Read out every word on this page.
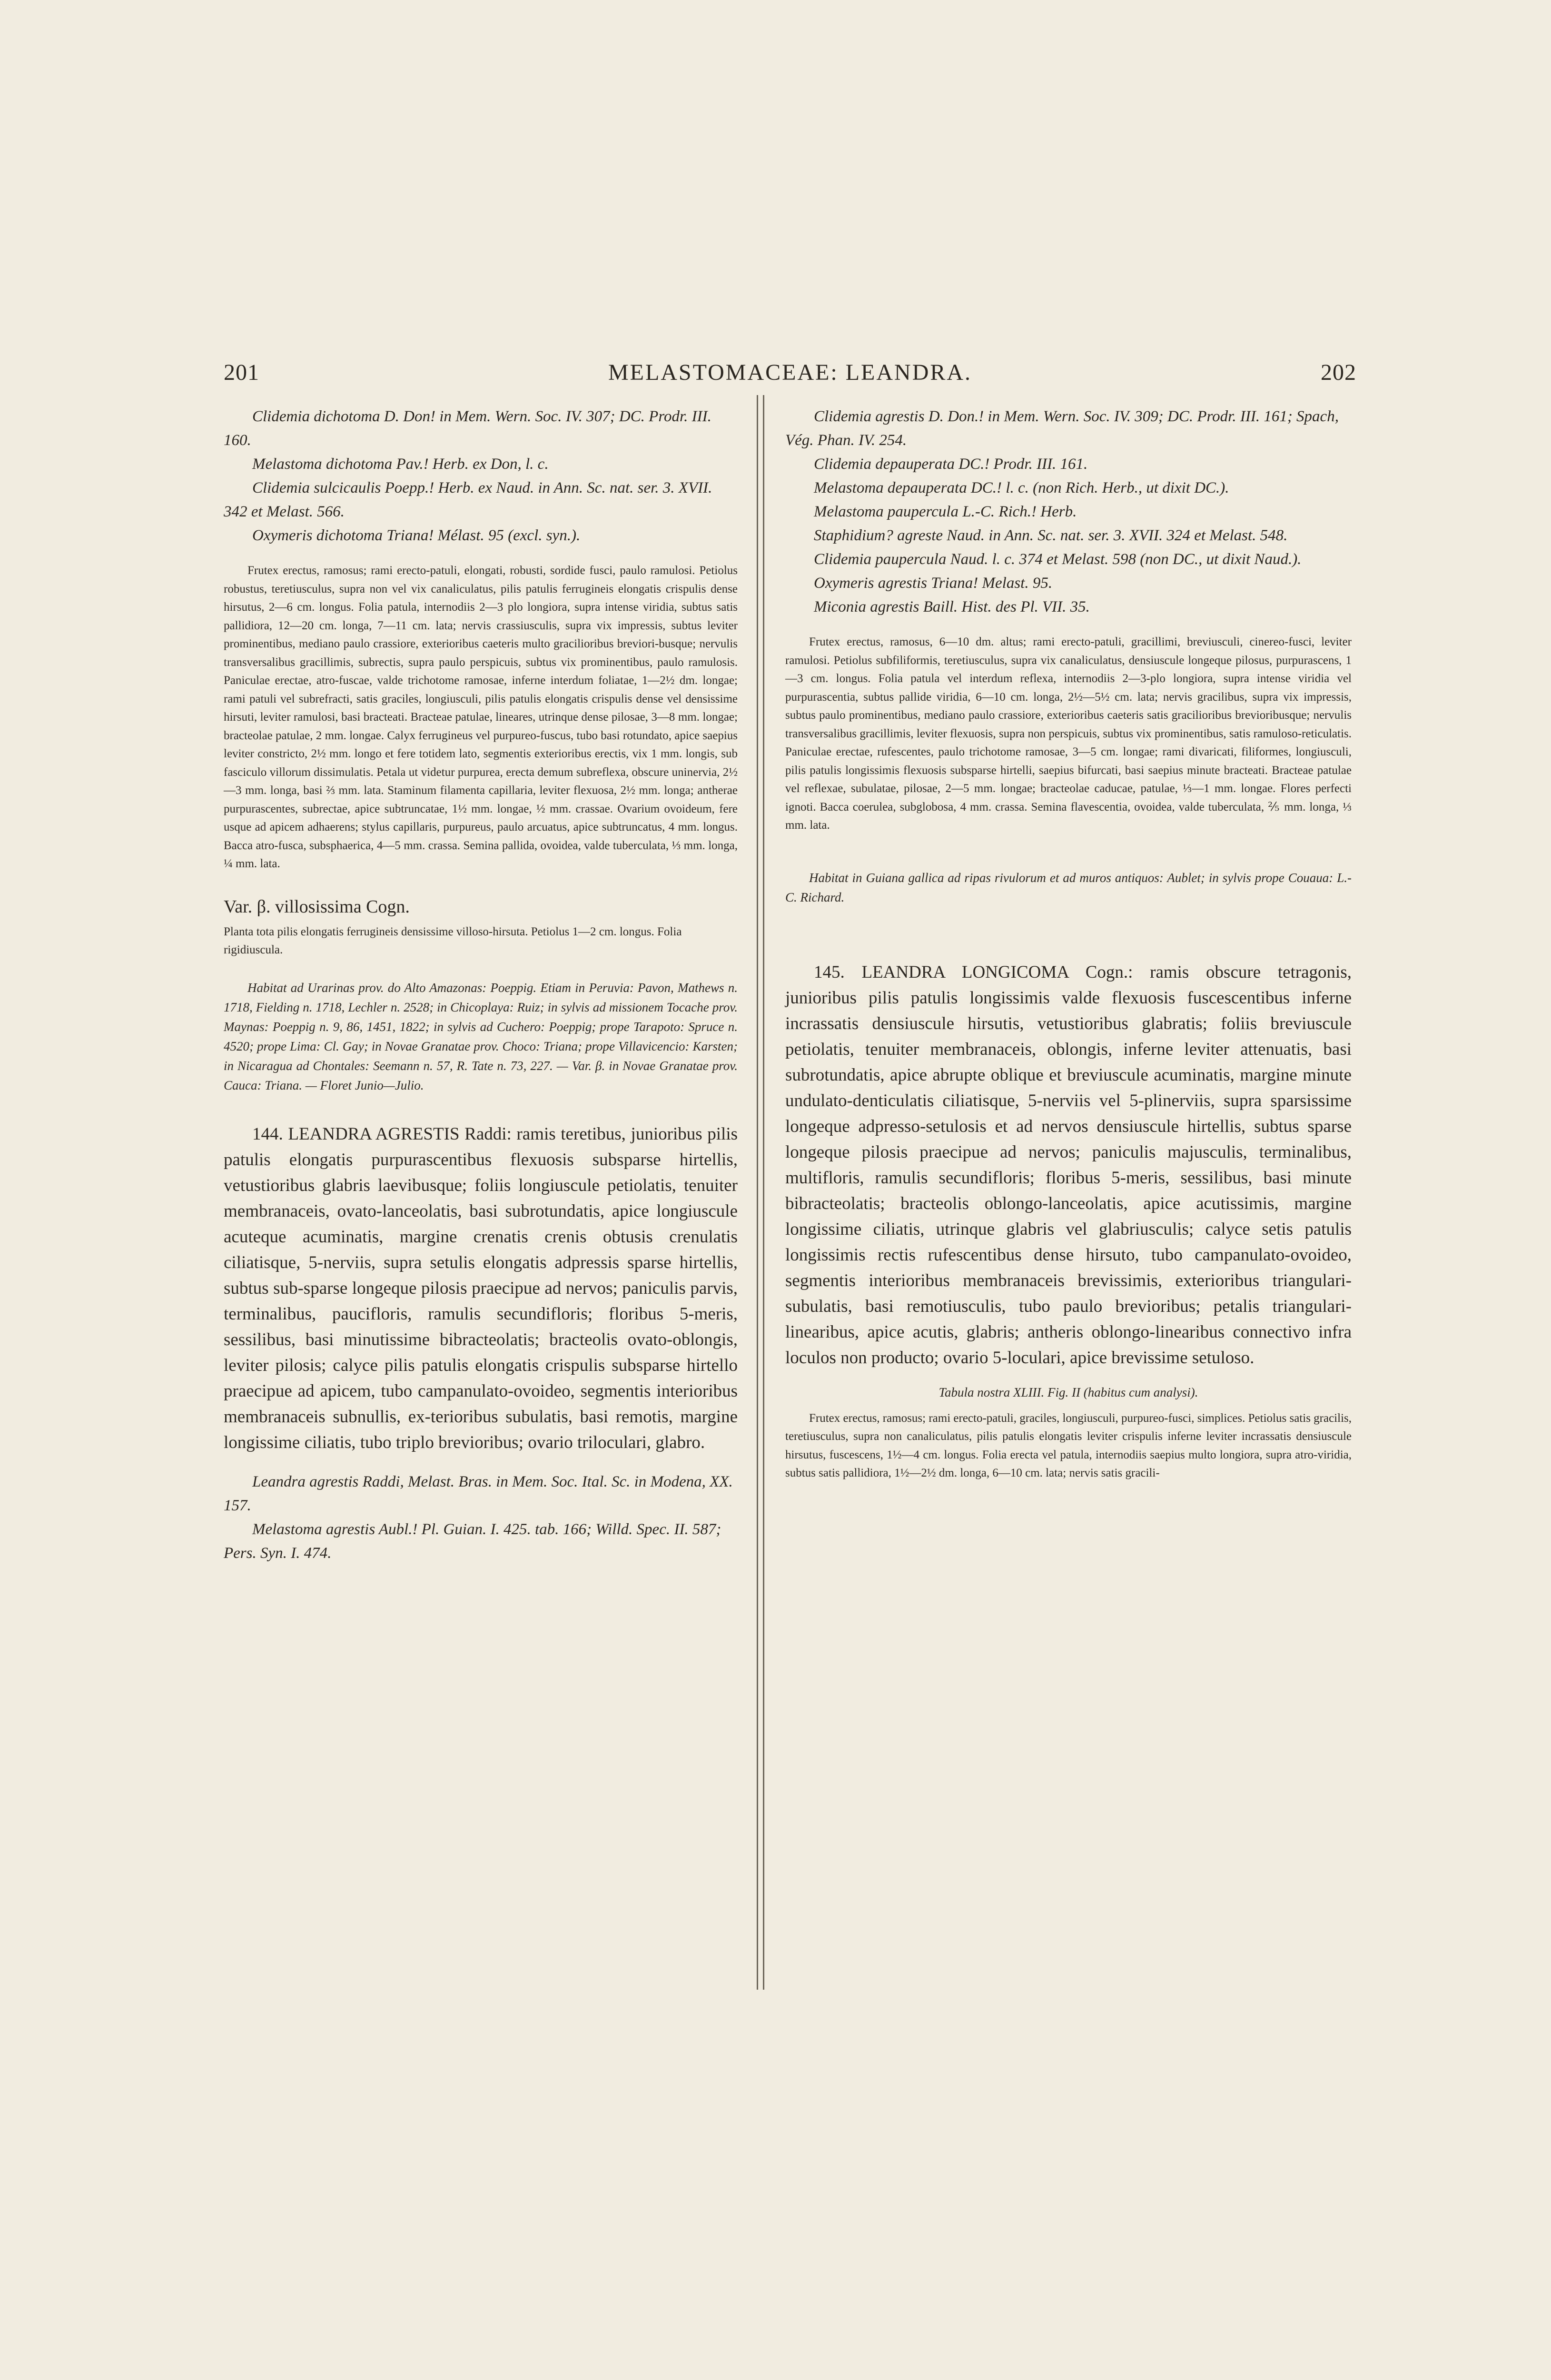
201	MELASTOMACEAE: LEANDRA.	202

Clidemia dichotoma D. Don! in Mem. Wern. Soc. IV. 307; DC. Prodr. III. 160.

Melastoma dichotoma Pav.! Herb. ex Don, l. c.

Clidemia sulcicaulis Poepp.! Herb. ex Naud. in Ann. Sc. nat. ser. 3. XVII. 342 et Melast. 566.

Oxymeris dichotoma Triana! Mélast. 95 (excl. syn.).

Frutex erectus, ramosus; rami erecto-patuli, elongati, robusti, sordide fusci, paulo ramulosi. Petiolus robustus, teretiusculus, supra non vel vix canaliculatus, pilis patulis ferrugineis elongatis crispulis dense hirsutus, 2—6 cm. longus. Folia patula, internodiis 2—3 plo longiora, supra intense viridia, subtus satis pallidiora, 12—20 cm. longa, 7—11 cm. lata; nervis crassiusculis, supra vix impressis, subtus leviter prominentibus, mediano paulo crassiore, exterioribus caeteris multo gracilioribus breviori-busque; nervulis transversalibus gracillimis, subrectis, supra paulo perspicuis, subtus vix prominentibus, paulo ramulosis. Paniculae erectae, atro-fuscae, valde trichotome ramosae, inferne interdum foliatae, 1—2½ dm. longae; rami patuli vel subrefracti, satis graciles, longiusculi, pilis patulis elongatis crispulis dense vel densissime hirsuti, leviter ramulosi, basi bracteati. Bracteae patulae, lineares, utrinque dense pilosae, 3—8 mm. longae; bracteolae patulae, 2 mm. longae. Calyx ferrugineus vel purpureo-fuscus, tubo basi rotundato, apice saepius leviter constricto, 2½ mm. longo et fere totidem lato, segmentis exterioribus erectis, vix 1 mm. longis, sub fasciculo villorum dissimulatis. Petala ut videtur purpurea, erecta demum subreflexa, obscure uninervia, 2½—3 mm. longa, basi ⅔ mm. lata. Staminum filamenta capillaria, leviter flexuosa, 2½ mm. longa; antherae purpurascentes, subrectae, apice subtruncatae, 1½ mm. longae, ½ mm. crassae. Ovarium ovoideum, fere usque ad apicem adhaerens; stylus capillaris, purpureus, paulo arcuatus, apice subtruncatus, 4 mm. longus. Bacca atro-fusca, subsphaerica, 4—5 mm. crassa. Semina pallida, ovoidea, valde tuberculata, ⅓ mm. longa, ¼ mm. lata.

Var. β. villosissima Cogn.
Planta tota pilis elongatis ferrugineis densissime villoso-hirsuta. Petiolus 1—2 cm. longus. Folia rigidiuscula.

Habitat ad Urarinas prov. do Alto Amazonas: Poeppig. Etiam in Peruvia: Pavon, Mathews n. 1718, Fielding n. 1718, Lechler n. 2528; in Chicoplaya: Ruiz; in sylvis ad missionem Tocache prov. Maynas: Poeppig n. 9, 86, 1451, 1822; in sylvis ad Cuchero: Poeppig; prope Tarapoto: Spruce n. 4520; prope Lima: Cl. Gay; in Novae Granatae prov. Choco: Triana; prope Villavicencio: Karsten; in Nicaragua ad Chontales: Seemann n. 57, R. Tate n. 73, 227. — Var. β. in Novae Granatae prov. Cauca: Triana. — Floret Junio—Julio.

144. LEANDRA AGRESTIS Raddi: ramis teretibus, junioribus pilis patulis elongatis purpurascentibus flexuosis subsparse hirtellis, vetustioribus glabris laevibusque; foliis longiuscule petiolatis, tenuiter membranaceis, ovato-lanceolatis, basi subrotundatis, apice longiuscule acuteque acuminatis, margine crenatis crenis obtusis crenulatis ciliatisque, 5-nerviis, supra setulis elongatis adpressis sparse hirtellis, subtus sub-sparse longeque pilosis praecipue ad nervos; paniculis parvis, terminalibus, paucifloris, ramulis secundifloris; floribus 5-meris, sessilibus, basi minutissime bibracteolatis; bracteolis ovato-oblongis, leviter pilosis; calyce pilis patulis elongatis crispulis subsparse hirtello praecipue ad apicem, tubo campanulato-ovoideo, segmentis interioribus membranaceis subnullis, ex-terioribus subulatis, basi remotis, margine longissime ciliatis, tubo triplo brevioribus; ovario triloculari, glabro.

Leandra agrestis Raddi, Melast. Bras. in Mem. Soc. Ital. Sc. in Modena, XX. 157.

Melastoma agrestis Aubl.! Pl. Guian. I. 425. tab. 166; Willd. Spec. II. 587; Pers. Syn. I. 474.

Clidemia agrestis D. Don.! in Mem. Wern. Soc. IV. 309; DC. Prodr. III. 161; Spach, Vég. Phan. IV. 254.

Clidemia depauperata DC.! Prodr. III. 161.

Melastoma depauperata DC.! l. c. (non Rich. Herb., ut dixit DC.).

Melastoma paupercula L.-C. Rich.! Herb.

Staphidium? agreste Naud. in Ann. Sc. nat. ser. 3. XVII. 324 et Melast. 548.

Clidemia paupercula Naud. l. c. 374 et Melast. 598 (non DC., ut dixit Naud.).

Oxymeris agrestis Triana! Melast. 95.

Miconia agrestis Baill. Hist. des Pl. VII. 35.

Frutex erectus, ramosus, 6—10 dm. altus; rami erecto-patuli, gracillimi, breviusculi, cinereo-fusci, leviter ramulosi. Petiolus subfiliformis, teretiusculus, supra vix canaliculatus, densiuscule longeque pilosus, purpurascens, 1—3 cm. longus. Folia patula vel interdum reflexa, internodiis 2—3-plo longiora, supra intense viridia vel purpurascentia, subtus pallide viridia, 6—10 cm. longa, 2½—5½ cm. lata; nervis gracilibus, supra vix impressis, subtus paulo prominentibus, mediano paulo crassiore, exterioribus caeteris satis gracilioribus brevioribusque; nervulis transversalibus gracillimis, leviter flexuosis, supra non perspicuis, subtus vix prominentibus, satis ramuloso-reticulatis. Paniculae erectae, rufescentes, paulo trichotome ramosae, 3—5 cm. longae; rami divaricati, filiformes, longiusculi, pilis patulis longissimis flexuosis subsparse hirtelli, saepius bifurcati, basi saepius minute bracteati. Bracteae patulae vel reflexae, subulatae, pilosae, 2—5 mm. longae; bracteolae caducae, patulae, ⅓—1 mm. longae. Flores perfecti ignoti. Bacca coerulea, subglobosa, 4 mm. crassa. Semina flavescentia, ovoidea, valde tuberculata, ⅖ mm. longa, ⅓ mm. lata.

Habitat in Guiana gallica ad ripas rivulorum et ad muros antiquos: Aublet; in sylvis prope Couaua: L.-C. Richard.

145. LEANDRA LONGICOMA Cogn.: ramis obscure tetragonis, junioribus pilis patulis longissimis valde flexuosis fuscescentibus inferne incrassatis densiuscule hirsutis, vetustioribus glabratis; foliis breviuscule petiolatis, tenuiter membranaceis, oblongis, inferne leviter attenuatis, basi subrotundatis, apice abrupte oblique et breviuscule acuminatis, margine minute undulato-denticulatis ciliatisque, 5-nerviis vel 5-plinerviis, supra sparsissime longeque adpresso-setulosis et ad nervos densiuscule hirtellis, subtus sparse longeque pilosis praecipue ad nervos; paniculis majusculis, terminalibus, multifloris, ramulis secundifloris; floribus 5-meris, sessilibus, basi minute bibracteolatis; bracteolis oblongo-lanceolatis, apice acutissimis, margine longissime ciliatis, utrinque glabris vel glabriusculis; calyce setis patulis longissimis rectis rufescentibus dense hirsuto, tubo campanulato-ovoideo, segmentis interioribus membranaceis brevissimis, exterioribus triangulari-subulatis, basi remotiusculis, tubo paulo brevioribus; petalis triangulari-linearibus, apice acutis, glabris; antheris oblongo-linearibus connectivo infra loculos non producto; ovario 5-loculari, apice brevissime setuloso.

Tabula nostra XLIII. Fig. II (habitus cum analysi).

Frutex erectus, ramosus; rami erecto-patuli, graciles, longiusculi, purpureo-fusci, simplices. Petiolus satis gracilis, teretiusculus, supra non canaliculatus, pilis patulis elongatis leviter crispulis inferne leviter incrassatis densiuscule hirsutus, fuscescens, 1½—4 cm. longus. Folia erecta vel patula, internodiis saepius multo longiora, supra atro-viridia, subtus satis pallidiora, 1½—2½ dm. longa, 6—10 cm. lata; nervis satis gracili-
